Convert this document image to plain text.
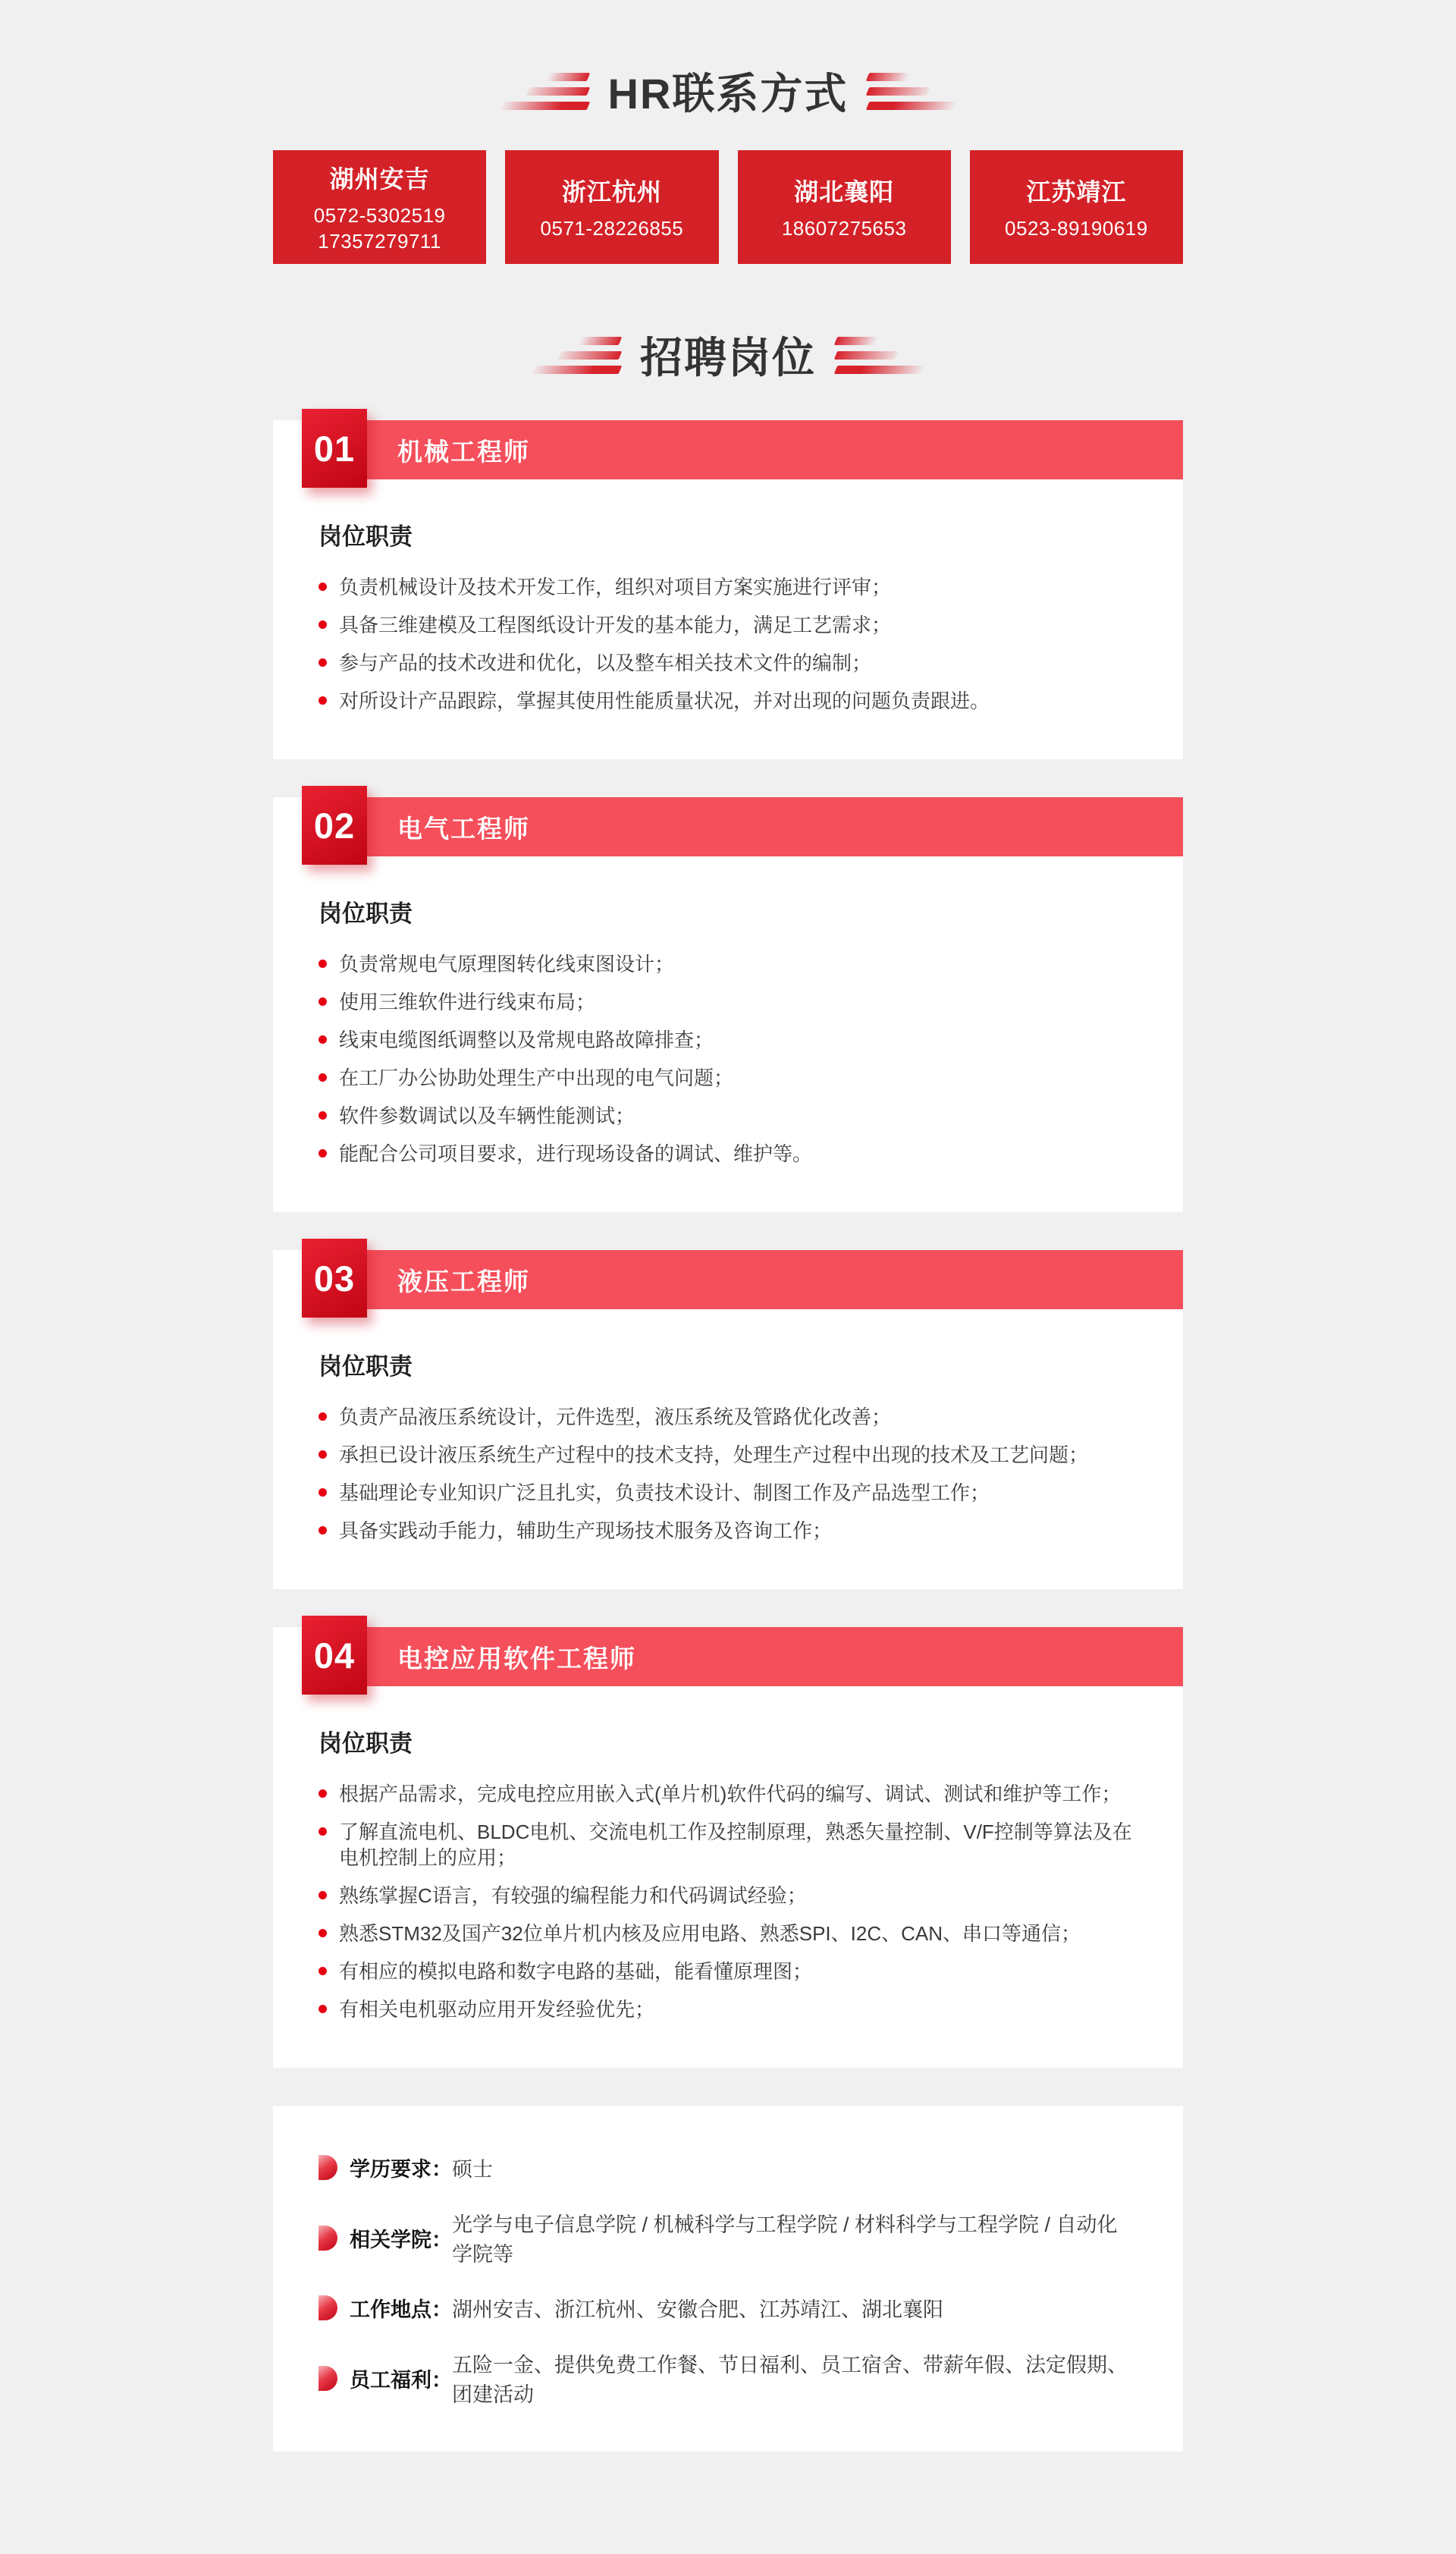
HR联系方式
湖州安吉
0572-5302519
17357279711
浙江杭州
0571-28226855
湖北襄阳
18607275653
江苏靖江
0523-89190619
招聘岗位
01 机械工程师
岗位职责
负责机械设计及技术开发工作，组织对项目方案实施进行评审；
具备三维建模及工程图纸设计开发的基本能力，满足工艺需求；
参与产品的技术改进和优化，以及整车相关技术文件的编制；
对所设计产品跟踪，掌握其使用性能质量状况，并对出现的问题负责跟进。
02 电气工程师
岗位职责
负责常规电气原理图转化线束图设计；
使用三维软件进行线束布局；
线束电缆图纸调整以及常规电路故障排查；
在工厂办公协助处理生产中出现的电气问题；
软件参数调试以及车辆性能测试；
能配合公司项目要求，进行现场设备的调试、维护等。
03 液压工程师
岗位职责
负责产品液压系统设计，元件选型，液压系统及管路优化改善；
承担已设计液压系统生产过程中的技术支持，处理生产过程中出现的技术及工艺问题；
基础理论专业知识广泛且扎实，负责技术设计、制图工作及产品选型工作；
具备实践动手能力，辅助生产现场技术服务及咨询工作；
04 电控应用软件工程师
岗位职责
根据产品需求，完成电控应用嵌入式(单片机)软件代码的编写、调试、测试和维护等工作；
了解直流电机、BLDC电机、交流电机工作及控制原理，熟悉矢量控制、V/F控制等算法及在电机控制上的应用；
熟练掌握C语言，有较强的编程能力和代码调试经验；
熟悉STM32及国产32位单片机内核及应用电路、熟悉SPI、I2C、CAN、串口等通信；
有相应的模拟电路和数字电路的基础，能看懂原理图；
有相关电机驱动应用开发经验优先；
学历要求： 硕士
相关学院：
光学与电子信息学院 / 机械科学与工程学院 / 材料科学与工程学院 / 自动化学院等
工作地点： 湖州安吉、浙江杭州、安徽合肥、江苏靖江、湖北襄阳
员工福利：
五险一金、提供免费工作餐、节日福利、员工宿舍、带薪年假、法定假期、团建活动
